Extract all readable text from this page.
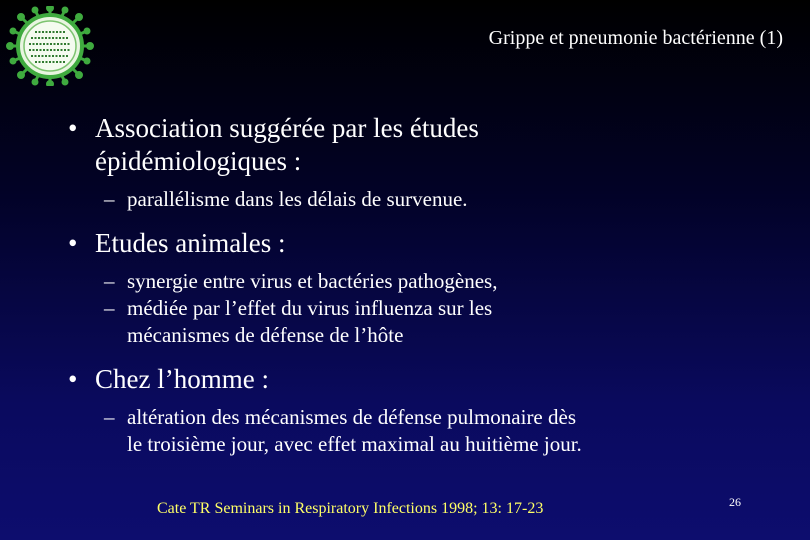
Grippe et pneumonie bactérienne (1)
• Association suggérée par les études
épidémiologiques :
– parallélisme dans les délais de survenue.
• Etudes animales :
– synergie entre virus et bactéries pathogènes,
– médiée par l’effet du virus influenza sur les
mécanismes de défense de l’hôte
• Chez l’homme :
– altération des mécanismes de défense pulmonaire dès
le troisième jour, avec effet maximal au huitième jour.
Cate TR Seminars in Respiratory Infections 1998; 13: 17-23	26
